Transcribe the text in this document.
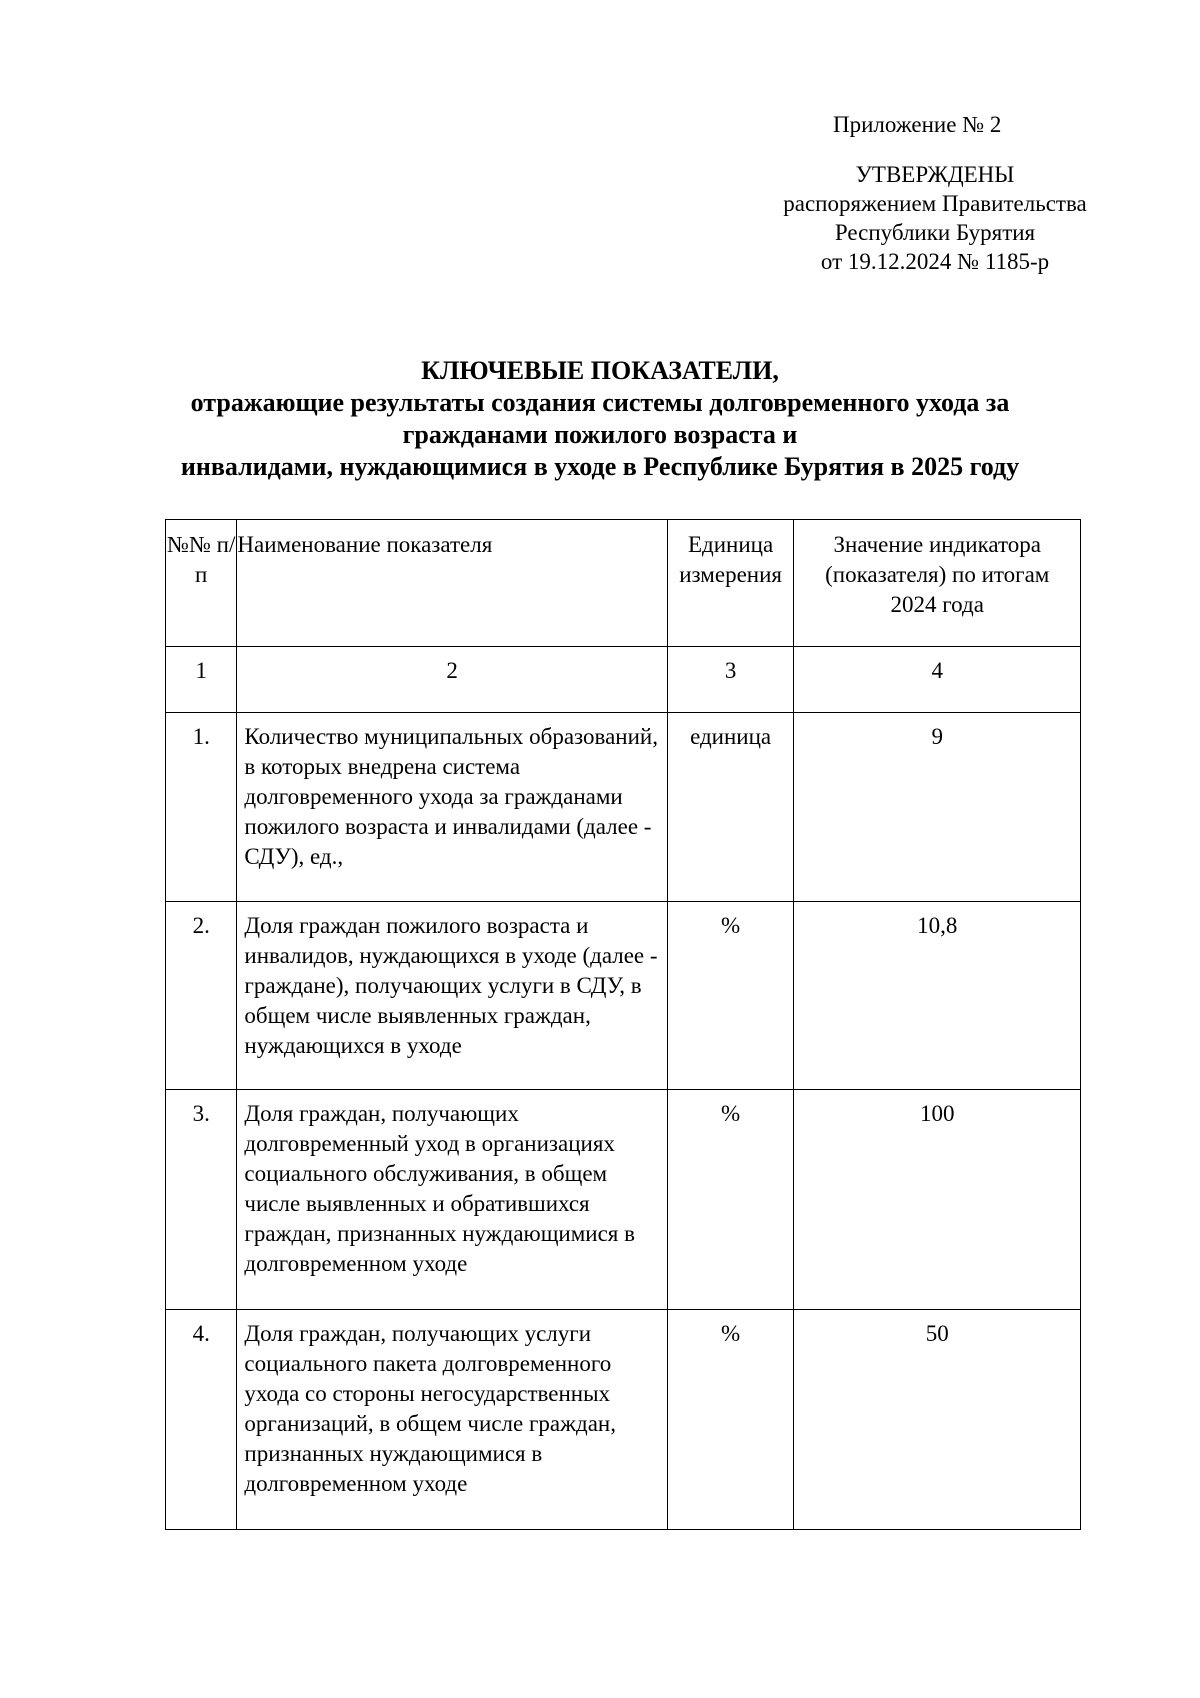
Приложение № 2
УТВЕРЖДЕНЫ
распоряжением Правительства
Республики Бурятия
от 19.12.2024 № 1185-р
КЛЮЧЕВЫЕ ПОКАЗАТЕЛИ,
отражающие результаты создания системы долговременного ухода за
гражданами пожилого возраста и
инвалидами, нуждающимися в уходе в Республике Бурятия в 2025 году
№№ п/п	Наименование показателя	Единица измерения	Значение индикатора (показателя) по итогам 2024 года

1	2	3	4

1.	Количество муниципальных образований, в которых внедрена система долговременного ухода за гражданами пожилого возраста и инвалидами (далее - СДУ), ед.,	единица	9

2.	Доля граждан пожилого возраста и инвалидов, нуждающихся в уходе (далее - граждане), получающих услуги в СДУ, в общем числе выявленных граждан, нуждающихся в уходе	%	10,8

3.	Доля граждан, получающих долговременный уход в организациях социального обслуживания, в общем числе выявленных и обратившихся граждан, признанных нуждающимися в долговременном уходе	%	100

4.	Доля граждан, получающих услуги социального пакета долговременного ухода со стороны негосударственных организаций, в общем числе граждан, признанных нуждающимися в долговременном уходе	%	50
